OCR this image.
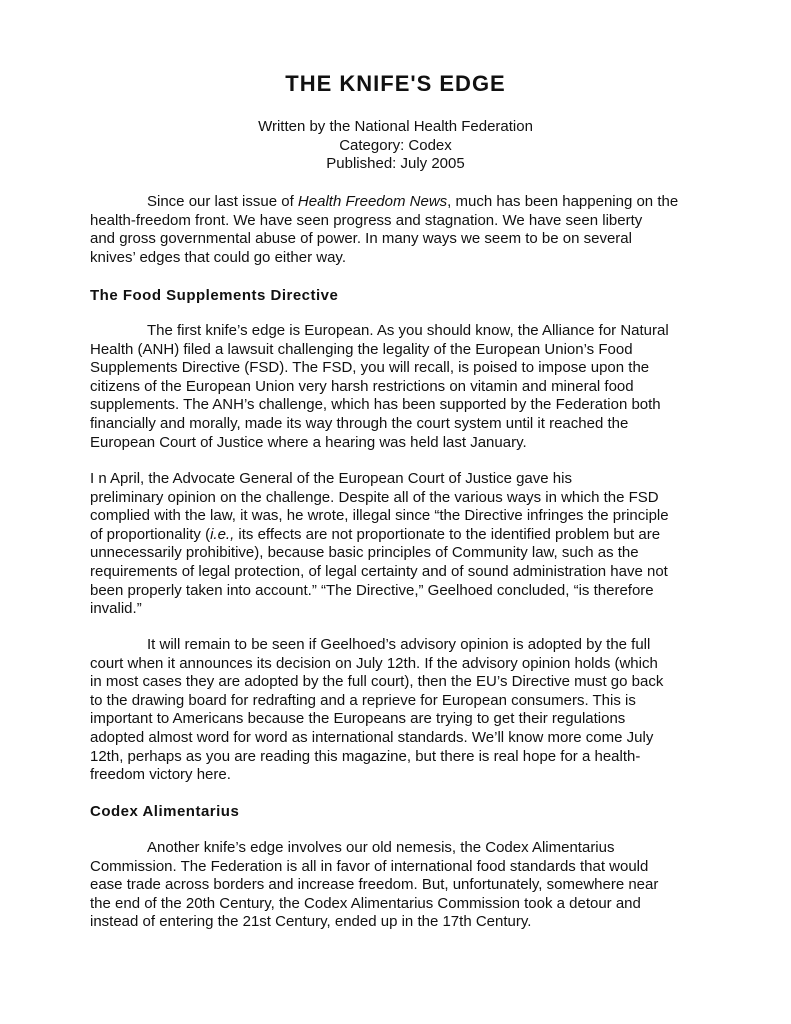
THE KNIFE'S EDGE
Written by the National Health Federation
Category: Codex
Published: July 2005
Since our last issue of Health Freedom News, much has been happening on the
health-freedom front. We have seen progress and stagnation. We have seen liberty
and gross governmental abuse of power. In many ways we seem to be on several
knives’ edges that could go either way.
The Food Supplements Directive
The first knife’s edge is European. As you should know, the Alliance for Natural
Health (ANH) filed a lawsuit challenging the legality of the European Union’s Food
Supplements Directive (FSD). The FSD, you will recall, is poised to impose upon the
citizens of the European Union very harsh restrictions on vitamin and mineral food
supplements. The ANH’s challenge, which has been supported by the Federation both
financially and morally, made its way through the court system until it reached the
European Court of Justice where a hearing was held last January.
I n April, the Advocate General of the European Court of Justice gave his
preliminary opinion on the challenge. Despite all of the various ways in which the FSD
complied with the law, it was, he wrote, illegal since “the Directive infringes the principle
of proportionality (i.e., its effects are not proportionate to the identified problem but are
unnecessarily prohibitive), because basic principles of Community law, such as the
requirements of legal protection, of legal certainty and of sound administration have not
been properly taken into account.” “The Directive,” Geelhoed concluded, “is therefore
invalid.”
It will remain to be seen if Geelhoed’s advisory opinion is adopted by the full
court when it announces its decision on July 12th. If the advisory opinion holds (which
in most cases they are adopted by the full court), then the EU’s Directive must go back
to the drawing board for redrafting and a reprieve for European consumers. This is
important to Americans because the Europeans are trying to get their regulations
adopted almost word for word as international standards. We’ll know more come July
12th, perhaps as you are reading this magazine, but there is real hope for a health-
freedom victory here.
Codex Alimentarius
Another knife’s edge involves our old nemesis, the Codex Alimentarius
Commission. The Federation is all in favor of international food standards that would
ease trade across borders and increase freedom. But, unfortunately, somewhere near
the end of the 20th Century, the Codex Alimentarius Commission took a detour and
instead of entering the 21st Century, ended up in the 17th Century.
